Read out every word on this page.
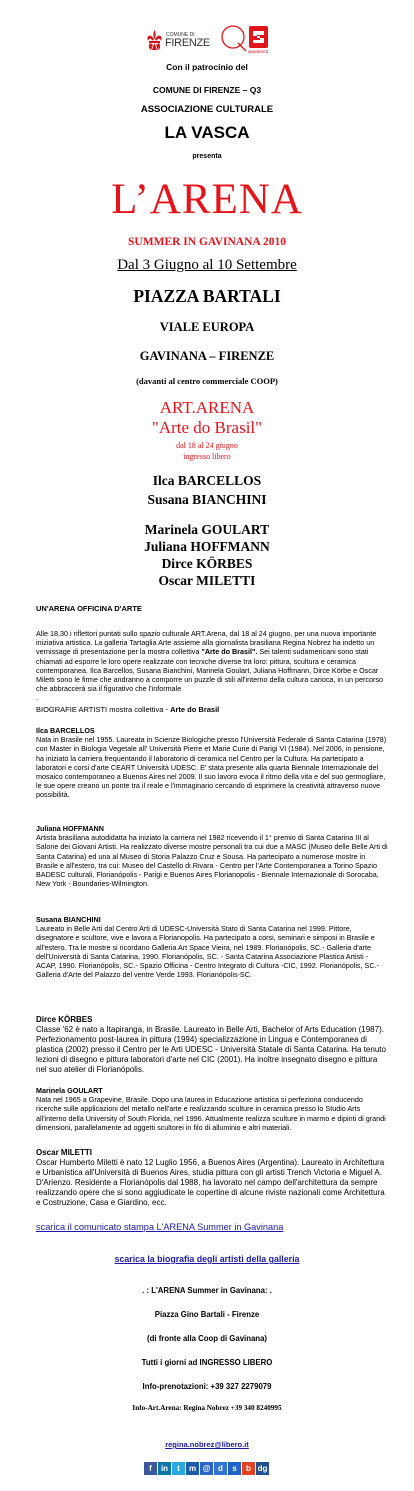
COMUNE DI
FIRENZE
quartiere3
Con il patrocinio del
COMUNE DI FIRENZE – Q3
ASSOCIAZIONE CULTURALE
LA VASCA
presenta
L’ARENA
SUMMER IN GAVINANA 2010
Dal 3 Giugno al 10 Settembre
PIAZZA BARTALI
VIALE EUROPA
GAVINANA – FIRENZE
(davanti al centro commerciale COOP)
ART.ARENA
"Arte do Brasil"
dal 18 al 24 giugno
ingresso libero
Ilca BARCELLOS
Susana BIANCHINI
Marinela GOULART
Juliana HOFFMANN
Dirce KÖRBES
Oscar MILETTI
UN'ARENA OFFICINA D'ARTE
Alle 18,30 i riflettori puntati sullo spazio culturale ART.Arena, dal 18 al 24 giugno, per una nuova importante iniziativa artistica. La galleria Tartaglia Arte assieme alla giornalista brasiliana Regina Nobrez ha indetto un vernissage di presentazione per la mostra collettiva "Arte do Brasil". Sei talenti sudamericani sono stati chiamati ad esporre le loro opere realizzate con tecniche diverse tra loro: pittura, scultura e ceramica contemporanea. Ilca Barcellos, Susana Bianchini, Marinela Goulart, Juliana Hoffmann, Dirce Körbe e Oscar Miletti sono le firme che andranno a comporre un puzzle di stili all'interno della cultura carioca, in un percorso che abbraccerà sia il figurativo che l'informale
.
BIOGRAFIE ARTISTI mostra collettiva - Arte do Brasil
Ilca BARCELLOS
Nata in Brasile nel 1955. Laureata in Scienze Biologiche presso l'Università Federale di Santa Catarina (1978) con Master in Biologia Vegetale all' Università Pierre et Marie Curie di Parigi VI (1984). Nel 2006, in pensione, ha iniziato la carriera frequentando il laboratorio di ceramica nel Centro per la Cultura. Ha partecipato a laboratori e corsi d'arte CEART Università UDESC. E' stata presente alla quarta Biennale Internazionale del mosaico contemporaneo a Buenos Aires nel 2009. Il suo lavoro evoca il ritmo della vita e del suo germogliare, le sue opere creano un ponte tra il reale e l'immaginario cercando di esprimere la creatività attraverso nuove possibilità.
Juliana HOFFMANN
Artista brasiliana autodidatta ha iniziato la carriera nel 1982 ricevendo il 1° premio di Santa Catarina III al Salone dei Giovani Artisti. Ha realizzato diverse mostre personali tra cui due a MASC (Museo delle Belle Arti di Santa Catarina) ed una al Museo di Storia Palazzo Cruz e Sousa. Ha partecipato a numerose mostre in Brasile e all'estero, tra cui: Museo del Castello di Rivara - Centro per l'Arte Contemporanea a Torino Spazio BADESC culturali, Florianópolis - Parigi e Buenos Aires Florianopolis - Biennale Internazionale di Sorocaba, New York - Boundaries-Wilmington.
Susana BIANCHINI
Laureato in Belle Arti dal Centro Arti di UDESC-Università Stato di Santa Catarina nel 1999. Pittore, disegnatore e scultore, vive e lavora a Florianopolis. Ha partecipato a corsi, seminari e simposi in Brasile e all'estero. Tra le mostre si ricordano Galleria Art Space Vieira, nel 1989. Florianópolis, SC.- Galleria d'arte dell'Università di Santa Catarina, 1990. Florianópolis, SC. - Santa Catarina Associazione Plastica Artisti - ACAP, 1990. Florianópolis, SC.- Spazio Officina - Centro Integrato di Cultura -CIC, 1992. Florianópolis, SC.- Galleria d'Arte del Palazzo del ventre Verde 1993. Florianópolis-SC.
Dirce KÖRBES
Classe '62 è nato a Itapiranga, in Brasile. Laureato in Belle Arti, Bachelor of Arts Education (1987). Perfezionamento post-laurea in pittura (1994) specializzazione in Lingua e Contemporanea di plastica (2002) presso il Centro per le Arti UDESC - Università Statale di Santa Catarina. Ha tenuto lezioni di disegno e pittura laboratori d'arte nel CIC (2001). Ha inoltre insegnato disegno e pittura nel suo atelier di Florianópolis.
Marinela GOULART
Nata nel 1965 a Grapevine, Brasile. Dopo una laurea in Educazione artistica si perfeziona conducendo ricerche sulle applicazioni del metallo nell'arte e realizzando sculture in ceramica presso lo Studio Arts all'interno della University of South Florida, nel 1996. Attualmente realizza sculture in marmo e dipinti di grandi dimensioni, parallelamente ad oggetti scultorei in filo di alluminio e altri materiali.
Oscar MILETTI
Oscar Humberto Miletti è nato 12 Luglio 1956, a Buenos Aires (Argentina). Laureato in Architettura e Urbanistica all'Università di Buenos Aires, studia pittura con gli artisti Trench Victoria e Miguel A. D'Arienzo. Residente a Florianópolis dal 1988, ha lavorato nel campo dell'architettura da sempre realizzando opere che si sono aggiudicate le copertine di alcune riviste nazionali come Architettura e Costruzione, Casa e Giardino, ecc.
scarica il comunicato stampa L'ARENA Summer in Gavinana
scarica la biografia degli artisti della galleria
. : L'ARENA Summer in Gavinana: .
Piazza Gino Bartali - Firenze
(di fronte alla Coop di Gavinana)
Tutti i giorni ad INGRESSO LIBERO
Info-prenotazioni: +39 327 2279079
Info-Art.Arena: Regina Nobrez +39 340 8240995
regina.nobrez@libero.it
f in t m @ d s b dg
